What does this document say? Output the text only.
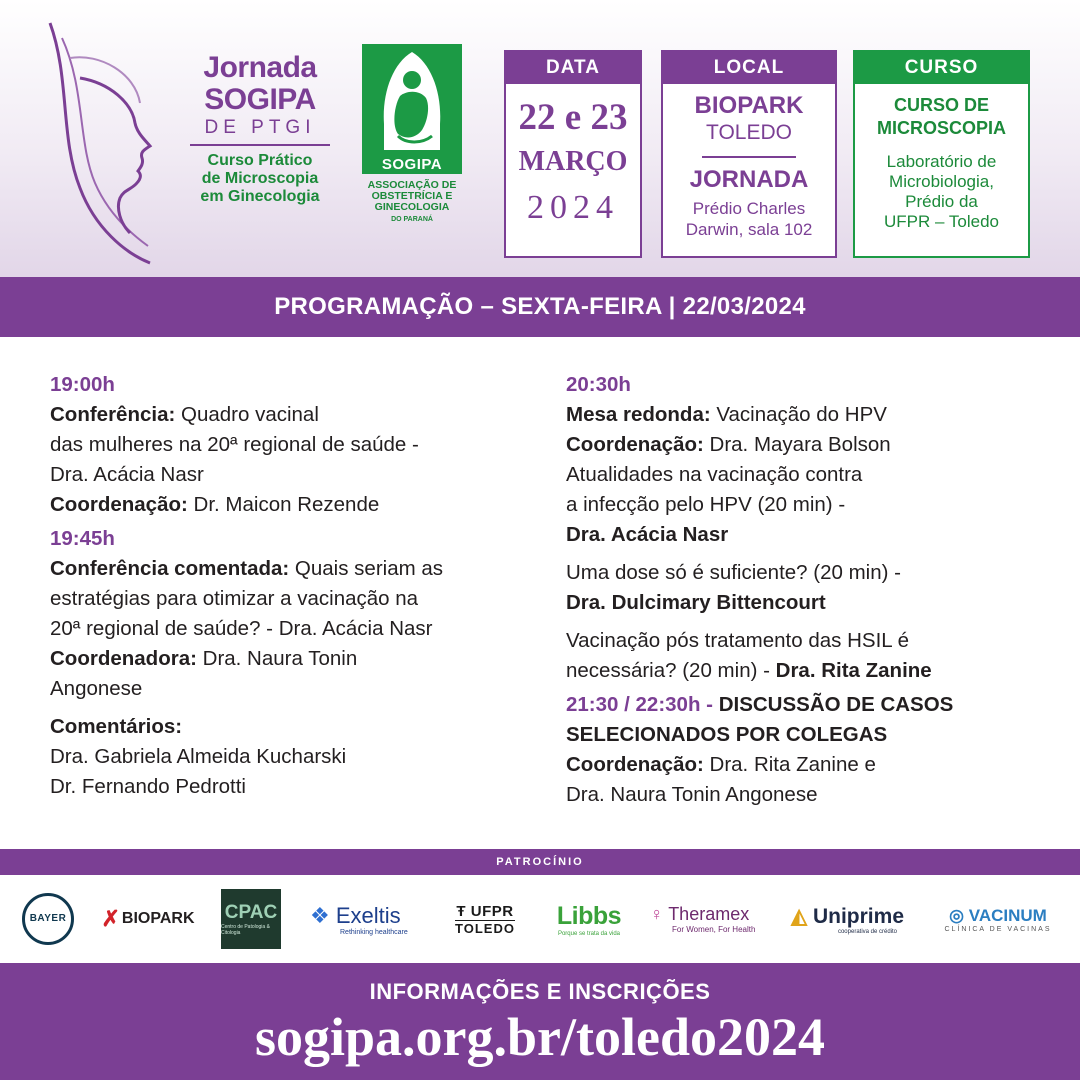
Jornada
SOGIPA
DE PTGI
Curso Prático
de Microscopia
em Ginecologia
SOGIPA
ASSOCIAÇÃO DE
OBSTETRÍCIA E
GINECOLOGIA
DO PARANÁ
DATA
22 e 23
MARÇO
2024
LOCAL
BIOPARK
TOLEDO
JORNADA
Prédio Charles
Darwin, sala 102
CURSO
CURSO DE
MICROSCOPIA
Laboratório de
Microbiologia,
Prédio da
UFPR – Toledo
PROGRAMAÇÃO – SEXTA-FEIRA | 22/03/2024
19:00h
Conferência: Quadro vacinal
das mulheres na 20ª regional de saúde -
Dra. Acácia Nasr
Coordenação: Dr. Maicon Rezende
19:45h
Conferência comentada: Quais seriam as
estratégias para otimizar a vacinação na
20ª regional de saúde? - Dra. Acácia Nasr
Coordenadora: Dra. Naura Tonin
Angonese
Comentários:
Dra. Gabriela Almeida Kucharski
Dr. Fernando Pedrotti
20:30h
Mesa redonda: Vacinação do HPV
Coordenação: Dra. Mayara Bolson
Atualidades na vacinação contra
a infecção pelo HPV (20 min) -
Dra. Acácia Nasr
Uma dose só é suficiente? (20 min) -
Dra. Dulcimary Bittencourt
Vacinação pós tratamento das HSIL é
necessária? (20 min) - Dra. Rita Zanine
21:30 / 22:30h - DISCUSSÃO DE CASOS
SELECIONADOS POR COLEGAS
Coordenação: Dra. Rita Zanine e
Dra. Naura Tonin Angonese
PATROCÍNIO
BAYER ✗ BIOPARK CPAC
Centro de Patologia & Citologia
❖ Exeltis
Rethinking healthcare
Ŧ UFPR
TOLEDO Libbs
Porque se trata da vida
♀ Theramex
For Women, For Health
◭ Uniprime
cooperativa de crédito
◎ VACINUM
CLÍNICA DE VACINAS
INFORMAÇÕES E INSCRIÇÕES
sogipa.org.br/toledo2024
